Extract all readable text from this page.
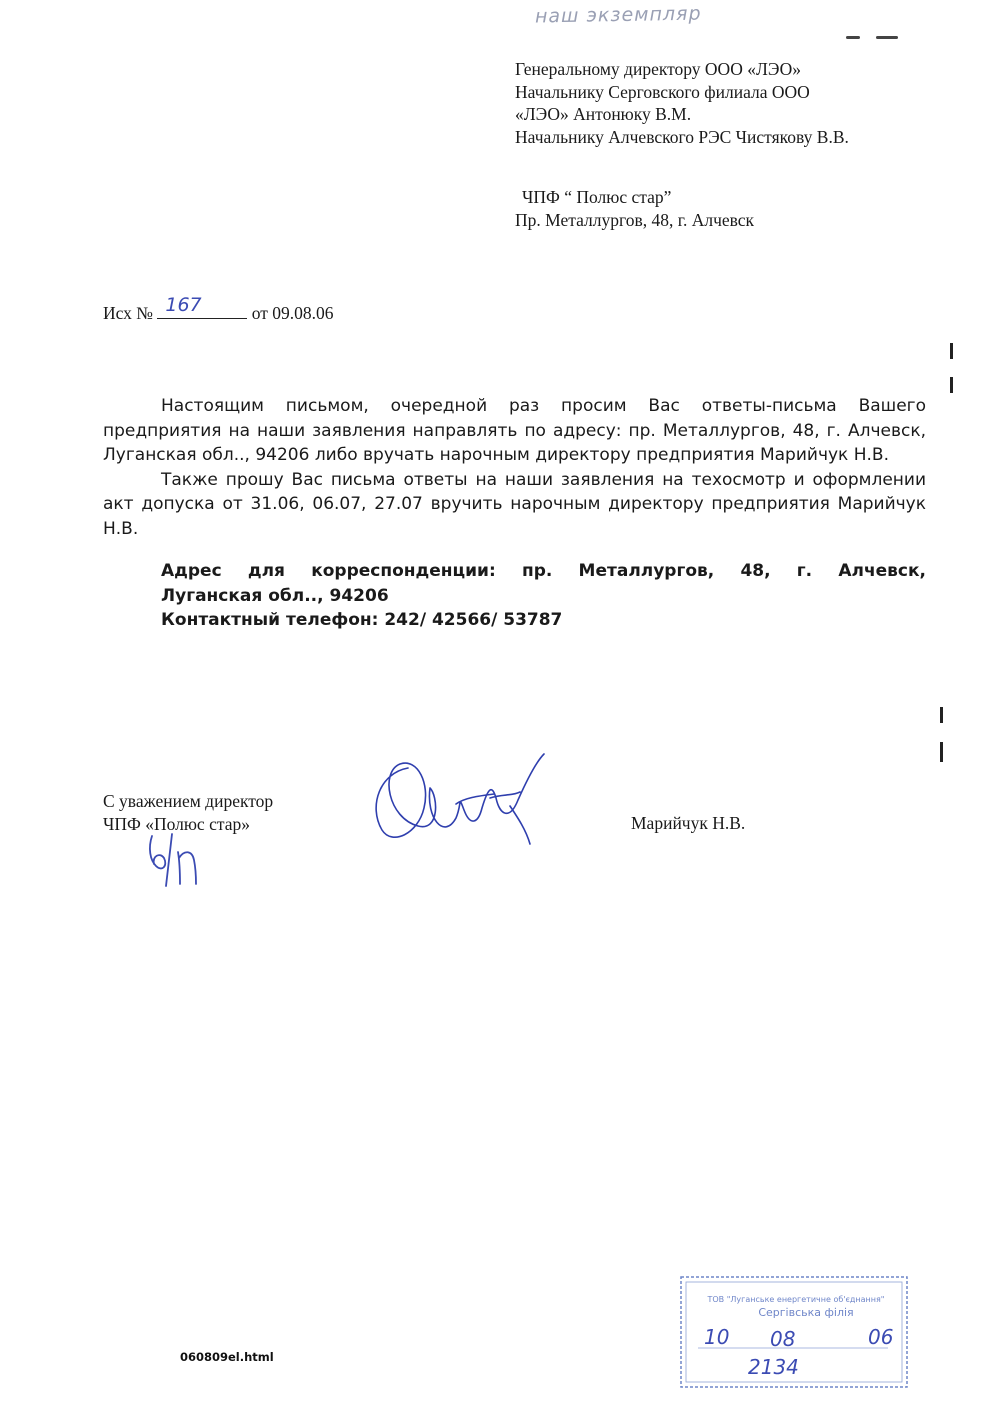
наш экземпляр
Генеральному директору ООО «ЛЭО»
Начальнику Серговского филиала ООО
«ЛЭО» Антонюку В.М.
Начальнику Алчевского РЭС Чистякову В.В.
ЧПФ “ Полюс стар”
Пр. Металлургов, 48, г. Алчевск
Исх № 167	от 09.08.06

Настоящим письмом, очередной раз просим Вас ответы-письма Вашего предприятия на наши заявления направлять по адресу: пр. Металлургов, 48, г. Алчевск, Луганская обл.., 94206 либо вручать нарочным директору предприятия Марийчук Н.В.

Также прошу Вас письма ответы на наши заявления на техосмотр и оформлении акт допуска от 31.06, 06.07, 27.07 вручить нарочным директору предприятия Марийчук Н.В.

Адрес для корреспонденции: пр. Металлургов, 48, г. Алчевск,
Луганская обл.., 94206
Контактный телефон: 242/ 42566/ 53787
С уважением директор
ЧПФ «Полюс стар»	Марийчук Н.В.
060809el.html
ТОВ "Луганське енергетичне об'єднання"
Сергівська філія
10 08	06
2134
